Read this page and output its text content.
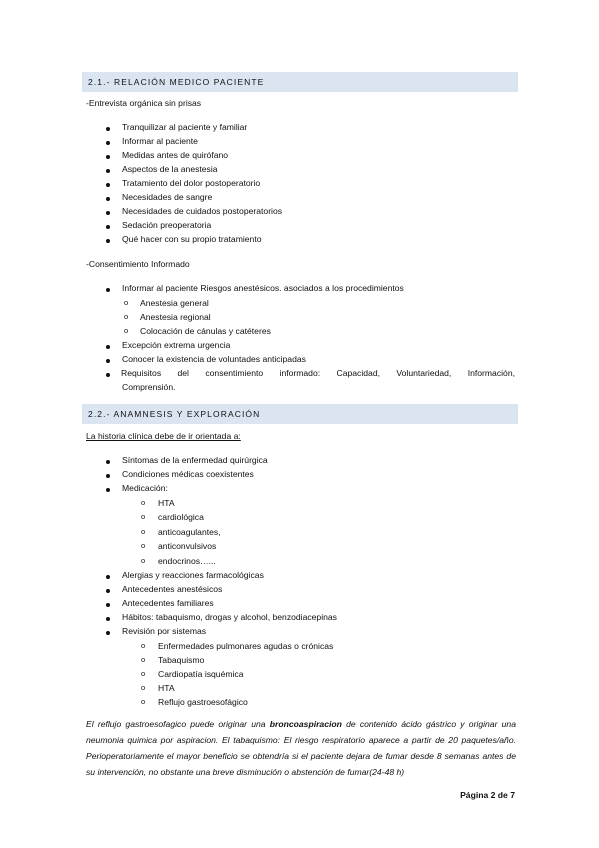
2.1.- RELACIÓN MEDICO PACIENTE
-Entrevista orgánica sin prisas
Tranquilizar al paciente y familiar
Informar al paciente
Medidas antes de quirófano
Aspectos de la anestesia
Tratamiento del dolor postoperatorio
Necesidades de sangre
Necesidades de cuidados postoperatorios
Sedación preoperatoria
Qué hacer con su propio tratamiento
-Consentimiento Informado
Informar al paciente Riesgos anestésicos. asociados a los procedimientos
o Anestesia general
o Anestesia regional
o Colocación de cánulas y catéteres
Excepción extrema urgencia
Conocer la existencia de voluntades anticipadas
Requisitos del consentimiento informado: Capacidad, Voluntariedad, Información,
Comprensión.
2.2.- ANAMNESIS Y EXPLORACIÓN
La historia clínica debe de ir orientada a:
Síntomas de la enfermedad quirúrgica
Condiciones médicas coexistentes
Medicación:
o HTA
o cardiológica
o anticoagulantes,
o anticonvulsivos
o endocrinos…...
Alergias y reacciones farmacológicas
Antecedentes anestésicos
Antecedentes familiares
Hábitos: tabaquismo, drogas y alcohol, benzodiacepinas
Revisión por sistemas
o Enfermedades pulmonares agudas o crónicas
o Tabaquismo
o Cardiopatía isquémica
o HTA
o Reflujo gastroesofágico
El reflujo gastroesofagico puede originar una broncoaspiracion de contenido ácido gástrico y originar una neumonia quimica por aspiracion. El tabaquismo: El riesgo respiratorio aparece a partir de 20 paquetes/año. Perioperatoriamente el mayor beneficio se obtendría si el paciente dejara de fumar desde 8 semanas antes de su intervención, no obstante una breve disminución o abstención de fumar(24-48 h)
Página 2 de 7
